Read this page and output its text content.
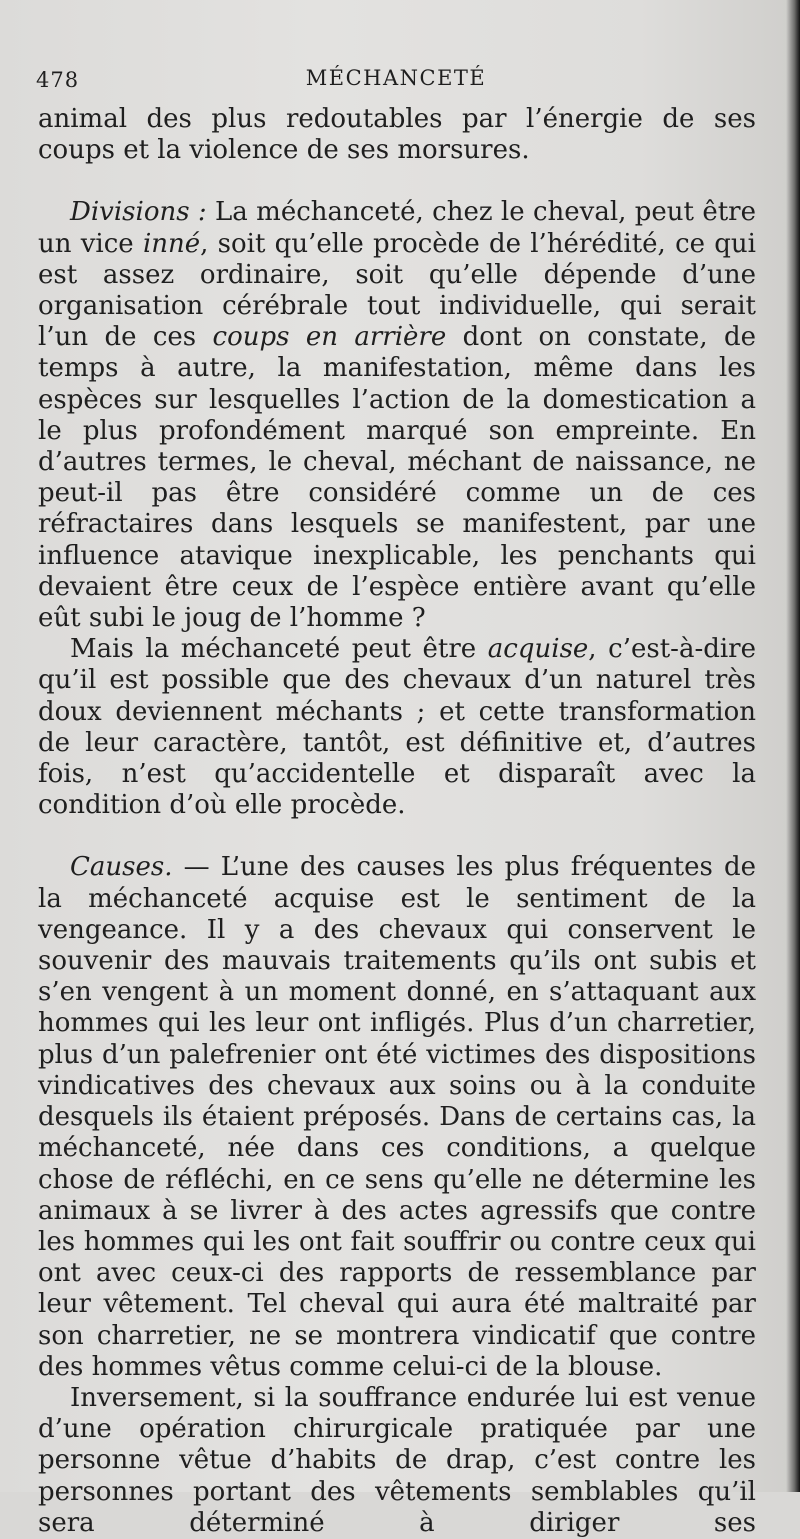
478	MÉCHANCETÉ

animal des plus redoutables par l’énergie de ses coups et la violence de ses morsures.

Divisions : La méchanceté, chez le cheval, peut être un vice inné, soit qu’elle procède de l’hérédité, ce qui est assez ordinaire, soit qu’elle dépende d’une organisation cérébrale tout individuelle, qui serait l’un de ces coups en arrière dont on constate, de temps à autre, la manifestation, même dans les espèces sur lesquelles l’action de la domestication a le plus profondément marqué son empreinte. En d’autres termes, le cheval, méchant de naissance, ne peut-il pas être considéré comme un de ces réfractaires dans lesquels se manifestent, par une influence atavique inexplicable, les penchants qui devaient être ceux de l’espèce entière avant qu’elle eût subi le joug de l’homme ?

Mais la méchanceté peut être acquise, c’est-à-dire qu’il est possible que des chevaux d’un naturel très doux deviennent méchants ; et cette transformation de leur caractère, tantôt, est définitive et, d’autres fois, n’est qu’accidentelle et disparaît avec la condition d’où elle procède.

Causes. — L’une des causes les plus fréquentes de la méchanceté acquise est le sentiment de la vengeance. Il y a des chevaux qui conservent le souvenir des mauvais traitements qu’ils ont subis et s’en vengent à un moment donné, en s’attaquant aux hommes qui les leur ont infligés. Plus d’un charretier, plus d’un palefrenier ont été victimes des dispositions vindicatives des chevaux aux soins ou à la conduite desquels ils étaient préposés. Dans de certains cas, la méchanceté, née dans ces conditions, a quelque chose de réfléchi, en ce sens qu’elle ne détermine les animaux à se livrer à des actes agressifs que contre les hommes qui les ont fait souffrir ou contre ceux qui ont avec ceux-ci des rapports de ressemblance par leur vêtement. Tel cheval qui aura été maltraité par son charretier, ne se montrera vindicatif que contre des hommes vêtus comme celui-ci de la blouse.

Inversement, si la souffrance endurée lui est venue d’une opération chirurgicale pratiquée par une personne vêtue d’habits de drap, c’est contre les personnes portant des vêtements semblables qu’il sera déterminé à diriger ses
